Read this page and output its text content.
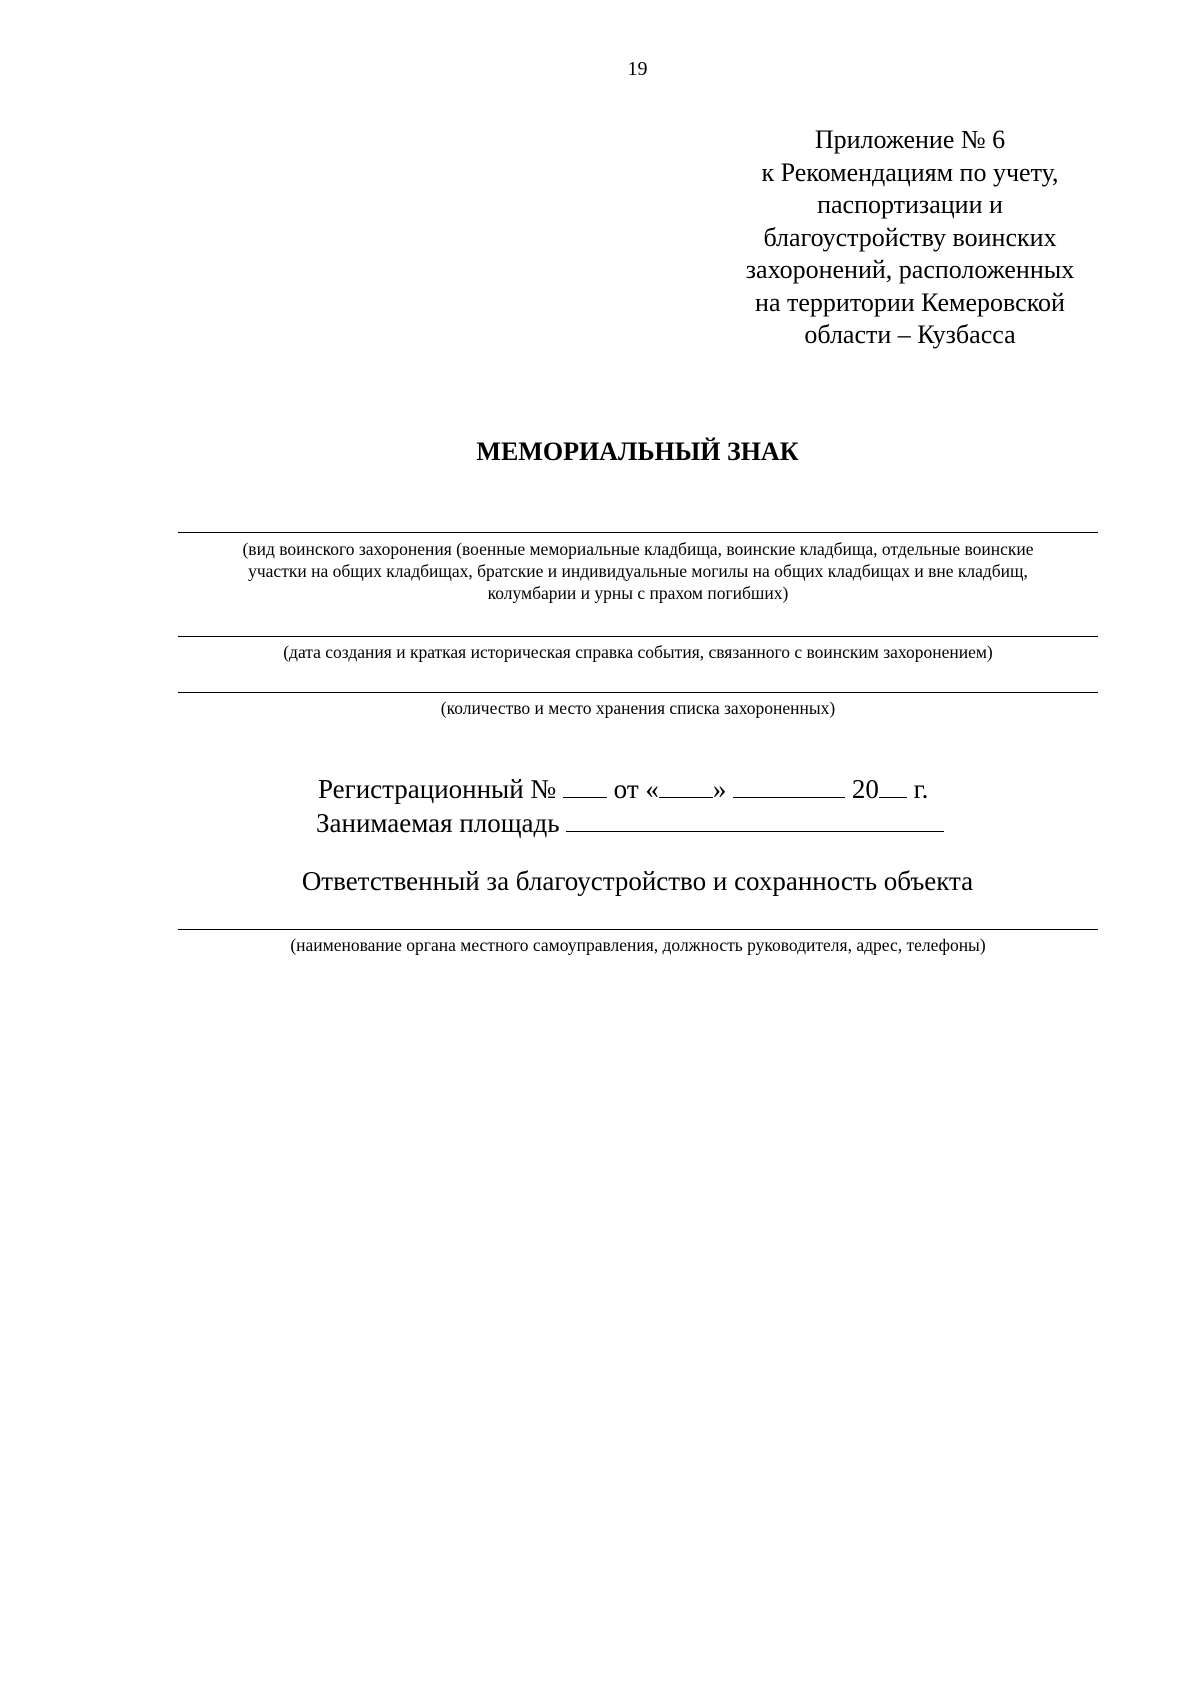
19
Приложение № 6
к Рекомендациям по учету,
паспортизации и
благоустройству воинских
захоронений, расположенных
на территории Кемеровской
области – Кузбасса
МЕМОРИАЛЬНЫЙ ЗНАК
(вид воинского захоронения (военные мемориальные кладбища, воинские кладбища, отдельные воинские
участки на общих кладбищах, братские и индивидуальные могилы на общих кладбищах и вне кладбищ,
колумбарии и урны с прахом погибших)
(дата создания и краткая историческая справка события, связанного с воинским захоронением)
(количество и место хранения списка захороненных)
Регистрационный № от « »	20 г.
Занимаемая площадь
Ответственный за благоустройство и сохранность объекта
(наименование органа местного самоуправления, должность руководителя, адрес, телефоны)
